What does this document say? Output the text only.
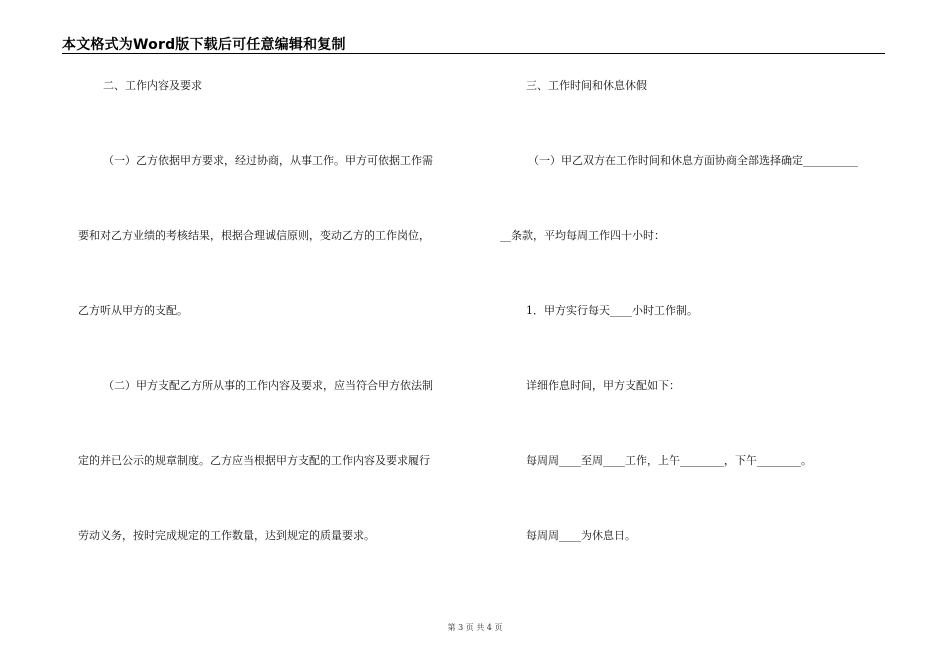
本文格式为Word版下载后可任意编辑和复制
二、工作内容及要求
（一）乙方依据甲方要求，经过协商，从事工作。甲方可依据工作需
要和对乙方业绩的考核结果，根据合理诚信原则，变动乙方的工作岗位，
乙方听从甲方的支配。
（二）甲方支配乙方所从事的工作内容及要求，应当符合甲方依法制
定的并已公示的规章制度。乙方应当根据甲方支配的工作内容及要求履行
劳动义务，按时完成规定的工作数量，达到规定的质量要求。
三、工作时间和休息休假
（一）甲乙双方在工作时间和休息方面协商全部选择确定__________
__条款，平均每周工作四十小时：
1．甲方实行每天____小时工作制。
详细作息时间，甲方支配如下：
每周周____至周____工作，上午________，下午________。
每周周____为休息日。
第 3 页 共 4 页
